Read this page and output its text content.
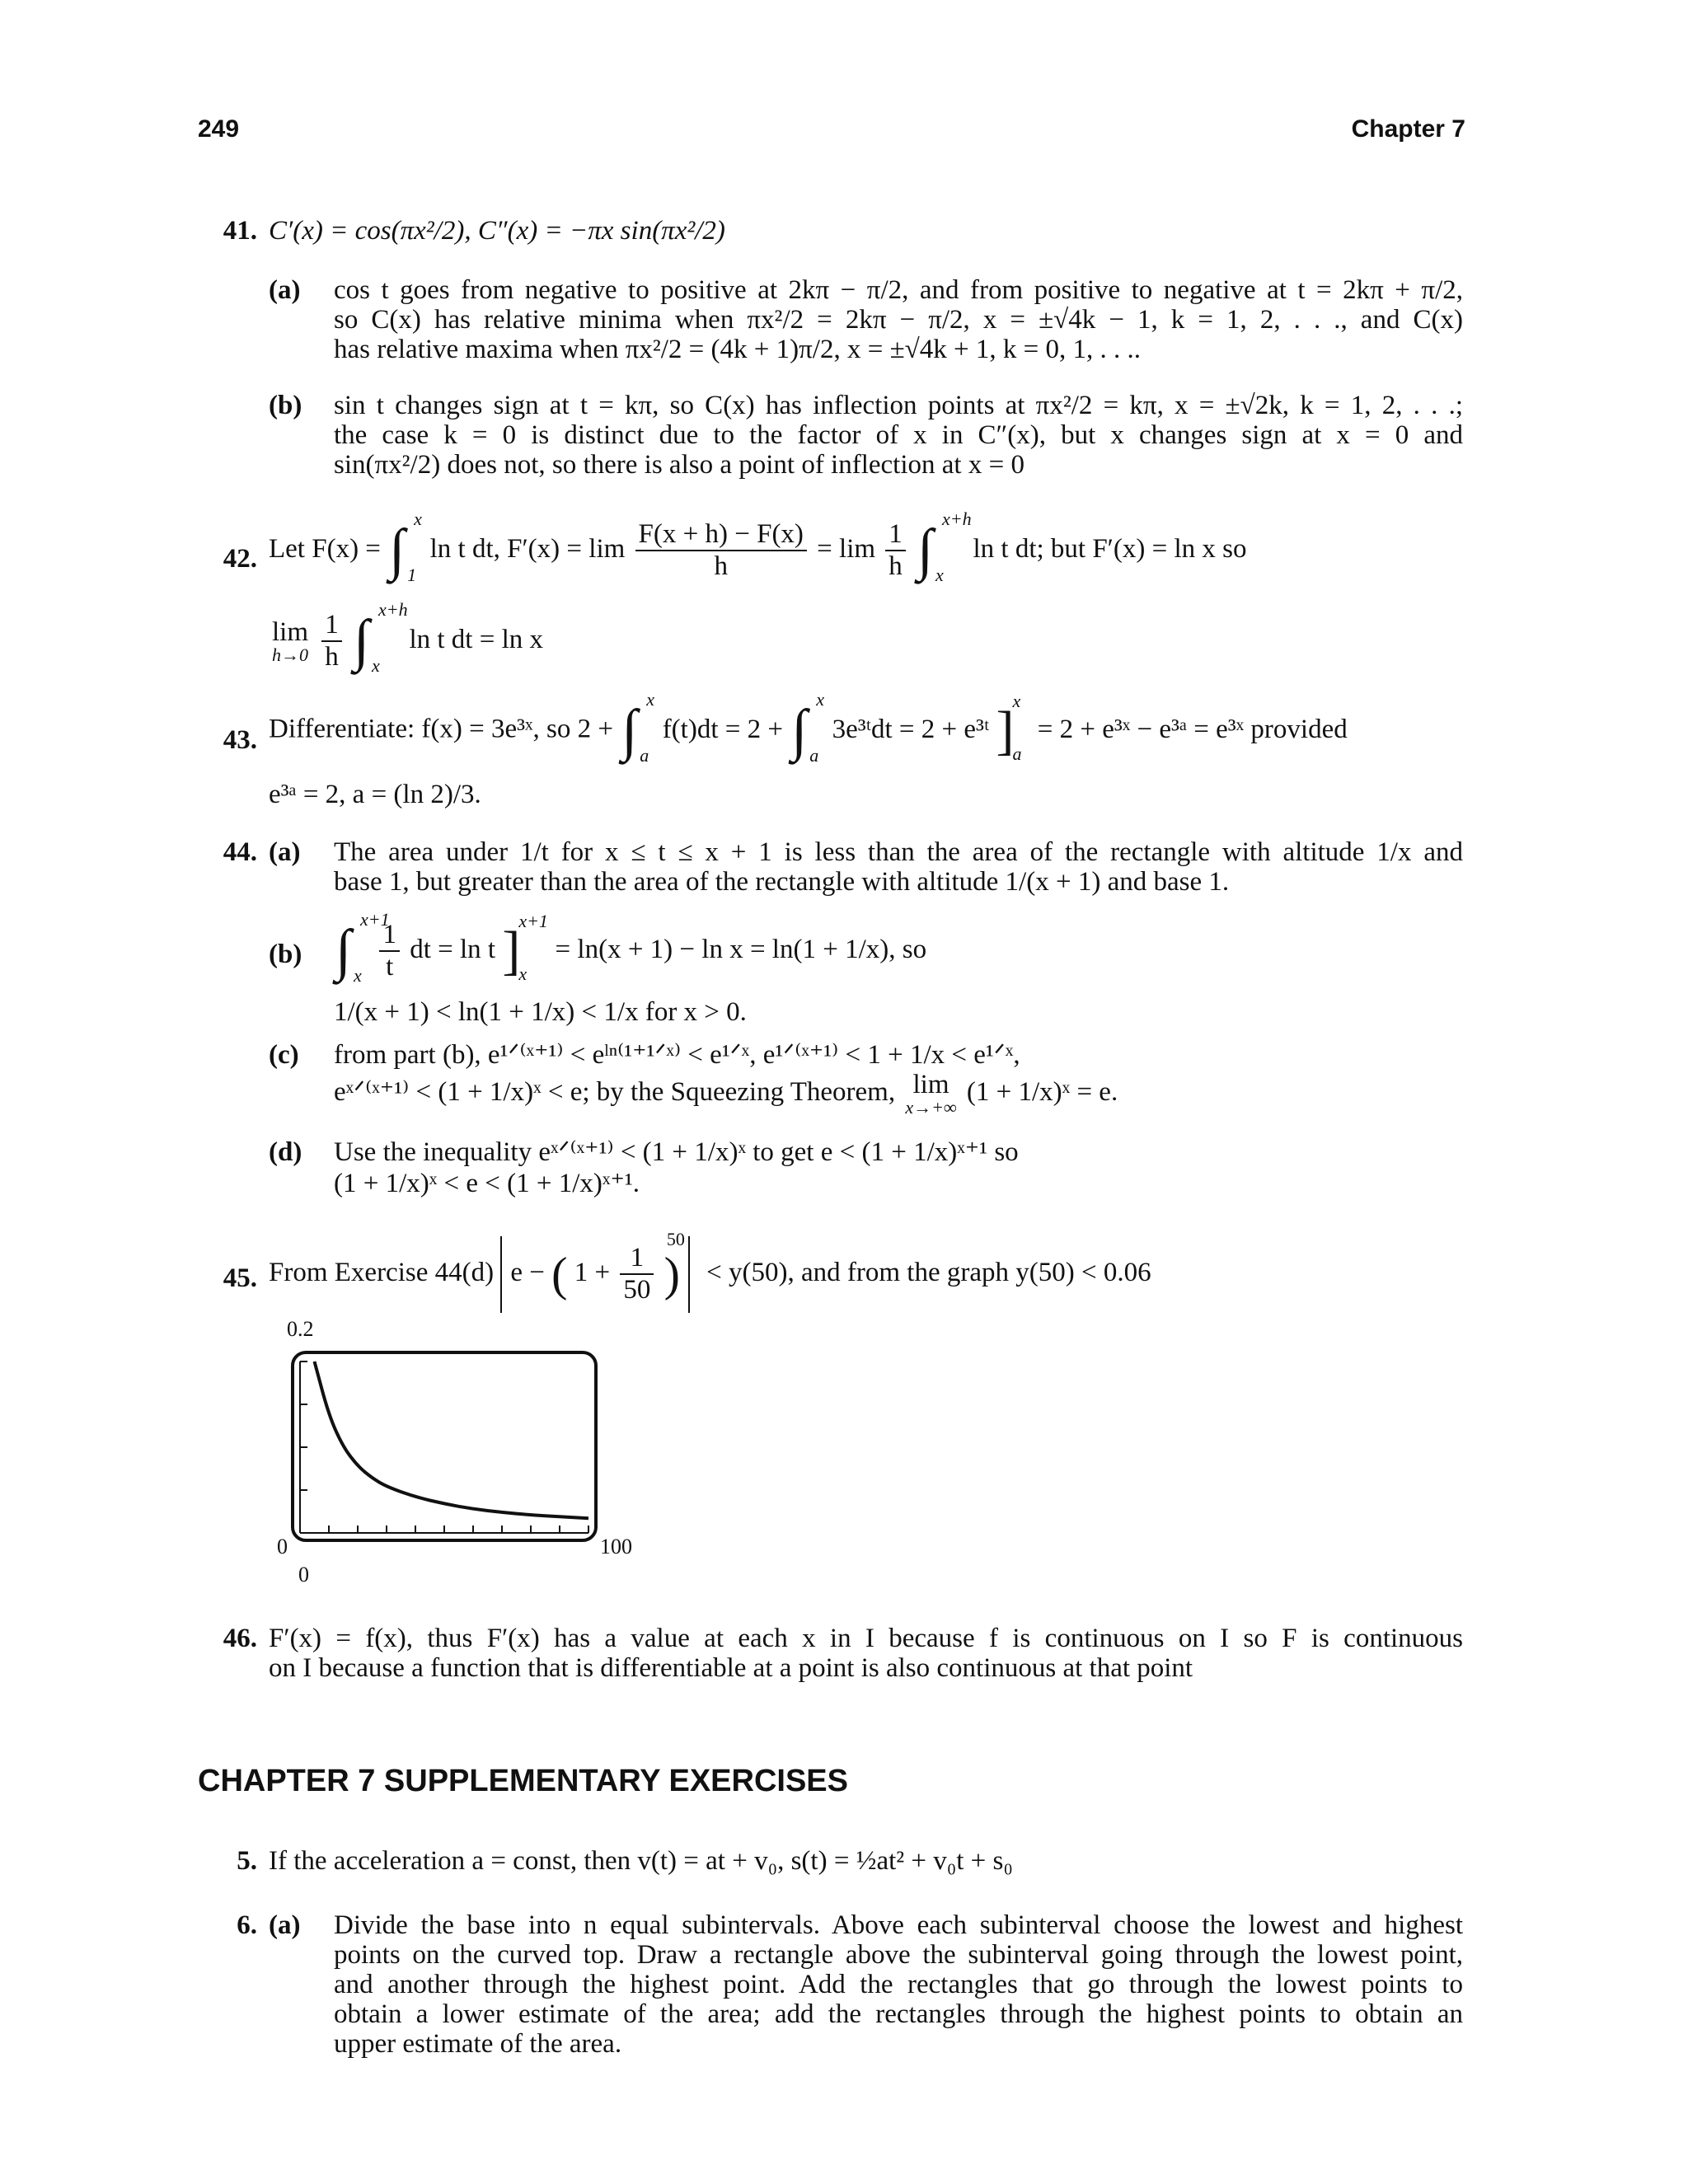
249	Chapter 7
41. C′(x) = cos(πx²/2), C″(x) = −πx sin(πx²/2)
(a) cos t goes from negative to positive at 2kπ − π/2, and from positive to negative at t = 2kπ + π/2,
so C(x) has relative minima when πx²/2 = 2kπ − π/2, x = ±√4k − 1, k = 1, 2, . . ., and C(x)
has relative maxima when πx²/2 = (4k + 1)π/2, x = ±√4k + 1, k = 0, 1, . . ..
(b) sin t changes sign at t = kπ, so C(x) has inflection points at πx²/2 = kπ, x = ±√2k, k = 1, 2, . . .;
the case k = 0 is distinct due to the factor of x in C″(x), but x changes sign at x = 0 and
sin(πx²/2) does not, so there is also a point of inflection at x = 0
42. Let F(x) = ∫ x
1
ln t dt, $F'(x) = \lim \frac{F(x + h) - F(x)}{h} = \lim \frac{1}{h}$ ∫ x+h
x
ln t dt; but F′(x) = ln x so
lim
h→0
$\frac{1}{h}$ ∫ x+h
x
ln t dt = ln x
43. Differentiate: f(x) = 3e³ˣ, so 2 + ∫ x
a
f(t)dt = 2 + ∫ x
a
3e³ᵗdt = 2 + e³ᵗ ]
x
a
= 2 + e³ˣ − e³ᵃ = e³ˣ provided
e³ᵃ = 2, a = (ln 2)/3.
44. (a) The area under 1/t for x ≤ t ≤ x + 1 is less than the area of the rectangle with altitude 1/x and
base 1, but greater than the area of the rectangle with altitude 1/(x + 1) and base 1.
(b) ∫ x+1
x
$\frac{1}{t}$ dt = ln t ]
x+1
x
= ln(x + 1) − ln x = ln(1 + 1/x), so
1/(x + 1) < ln(1 + 1/x) < 1/x for x > 0.
(c) from part (b), e¹ᐟ⁽ˣ⁺¹⁾ < eˡⁿ⁽¹⁺¹ᐟˣ⁾ < e¹ᐟˣ, e¹ᐟ⁽ˣ⁺¹⁾ < 1 + 1/x < e¹ᐟˣ,
eˣᐟ⁽ˣ⁺¹⁾ < (1 + 1/x)ˣ < e; by the Squeezing Theorem, lim
x→+∞
(1 + 1/x)ˣ = e.
(d) Use the inequality eˣᐟ⁽ˣ⁺¹⁾ < (1 + 1/x)ˣ to get e < (1 + 1/x)ˣ⁺¹ so
(1 + 1/x)ˣ < e < (1 + 1/x)ˣ⁺¹.
45. From Exercise 44(d) e − ( $1 + \frac{1}{50}$ )
50
< y(50), and from the graph y(50) < 0.06
0.2
0
0
100
46. F′(x) = f(x), thus F′(x) has a value at each x in I because f is continuous on I so F is continuous
on I because a function that is differentiable at a point is also continuous at that point
CHAPTER 7 SUPPLEMENTARY EXERCISES
5. If the acceleration a = const, then v(t) = at + v₀, s(t) = ½at² + v₀t + s₀
6. (a) Divide the base into n equal subintervals. Above each subinterval choose the lowest and highest
points on the curved top. Draw a rectangle above the subinterval going through the lowest point,
and another through the highest point. Add the rectangles that go through the lowest points to
obtain a lower estimate of the area; add the rectangles through the highest points to obtain an
upper estimate of the area.
